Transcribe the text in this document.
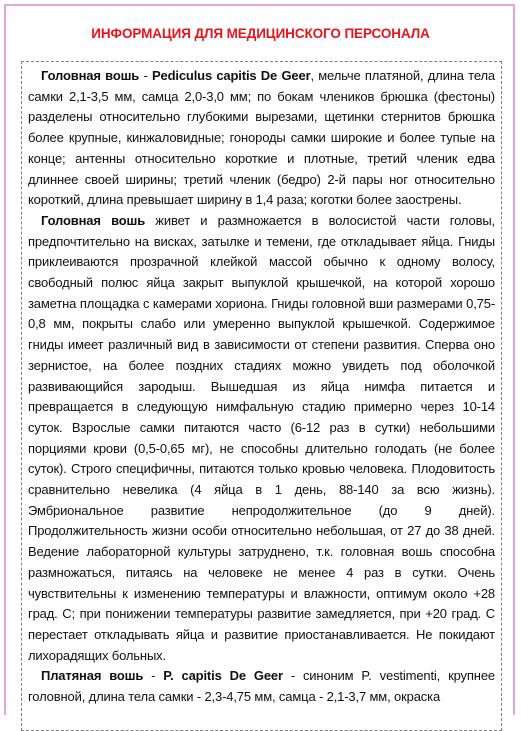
ИНФОРМАЦИЯ ДЛЯ МЕДИЦИНСКОГО ПЕРСОНАЛА

Головная вошь - Pediculus capitis De Geer, мельче платяной, длина тела самки 2,1-3,5 мм, самца 2,0-3,0 мм; по бокам члеников брюшка (фестоны) разделены относительно глубокими вырезами, щетинки стернитов брюшка более крупные, кинжаловидные; гонороды самки широкие и более тупые на конце; антенны относительно короткие и плотные, третий членик едва длиннее своей ширины; третий членик (бедро) 2-й пары ног относительно короткий, длина превышает ширину в 1,4 раза; коготки более заострены.

Головная вошь живет и размножается в волосистой части головы, предпочтительно на висках, затылке и темени, где откладывает яйца. Гниды приклеиваются прозрачной клейкой массой обычно к одному волосу, свободный полюс яйца закрыт выпуклой крышечкой, на которой хорошо заметна площадка с камерами хориона. Гниды головной вши размерами 0,75-0,8 мм, покрыты слабо или умеренно выпуклой крышечкой. Содержимое гниды имеет различный вид в зависимости от степени развития. Сперва оно зернистое, на более поздних стадиях можно увидеть под оболочкой развивающийся зародыш. Вышедшая из яйца нимфа питается и превращается в следующую нимфальную стадию примерно через 10-14 суток. Взрослые самки питаются часто (6-12 раз в сутки) небольшими порциями крови (0,5-0,65 мг), не способны длительно голодать (не более суток). Строго специфичны, питаются только кровью человека. Плодовитость сравнительно невелика (4 яйца в 1 день, 88-140 за всю жизнь). Эмбриональное развитие непродолжительное (до 9 дней). Продолжительность жизни особи относительно небольшая, от 27 до 38 дней. Ведение лабораторной культуры затруднено, т.к. головная вошь способна размножаться, питаясь на человеке не менее 4 раз в сутки. Очень чувствительны к изменению температуры и влажности, оптимум около +28 град. С; при понижении температуры развитие замедляется, при +20 град. С перестает откладывать яйца и развитие приостанавливается. Не покидают лихорадящих больных.

Платяная вошь - P. capitis De Geer - синоним P. vestimenti, крупнее головной, длина тела самки - 2,3-4,75 мм, самца - 2,1-3,7 мм, окраска
